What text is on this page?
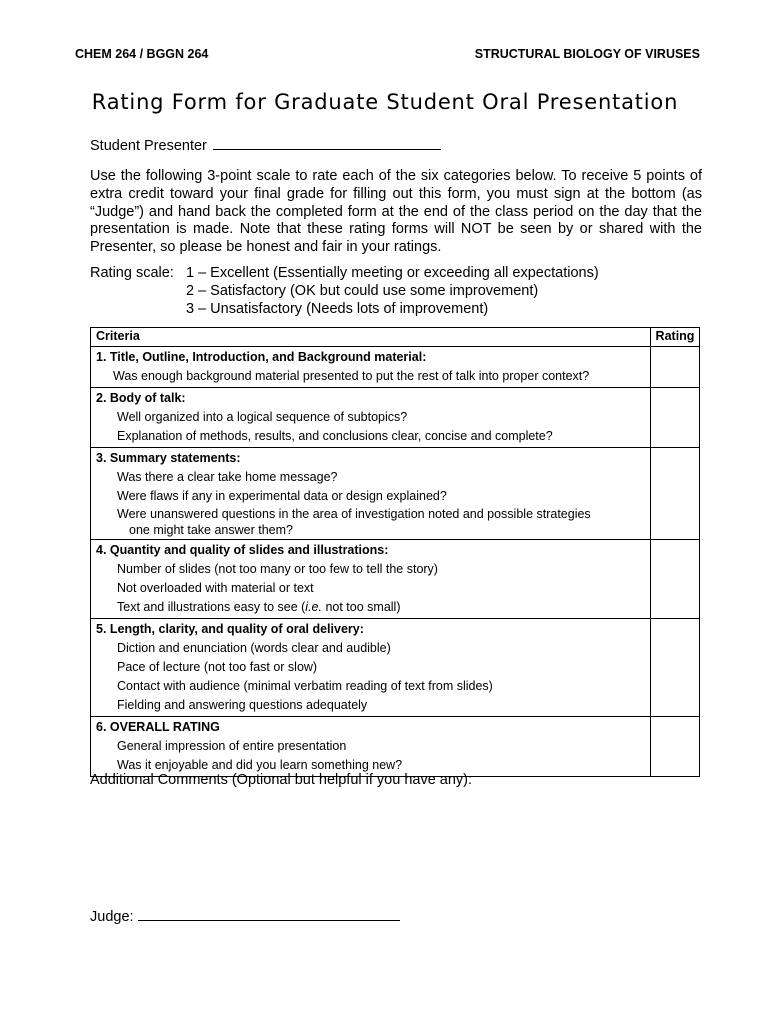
CHEM 264 / BGGN 264	STRUCTURAL BIOLOGY OF VIRUSES
Rating Form for Graduate Student Oral Presentation
Student Presenter
Use the following 3-point scale to rate each of the six categories below. To receive 5 points of extra credit toward your final grade for filling out this form, you must sign at the bottom (as “Judge”) and hand back the completed form at the end of the class period on the day that the presentation is made. Note that these rating forms will NOT be seen by or shared with the Presenter, so please be honest and fair in your ratings.
Rating scale: 1 – Excellent (Essentially meeting or exceeding all expectations)
2 – Satisfactory (OK but could use some improvement)
3 – Unsatisfactory (Needs lots of improvement)
Criteria	Rating

1. Title, Outline, Introduction, and Background material:
Was enough background material presented to put the rest of talk into proper context?	

2. Body of talk:
Well organized into a logical sequence of subtopics?
Explanation of methods, results, and conclusions clear, concise and complete?	

3. Summary statements:
Was there a clear take home message?
Were flaws if any in experimental data or design explained?
Were unanswered questions in the area of investigation noted and possible strategies
one might take answer them?	

4. Quantity and quality of slides and illustrations:
Number of slides (not too many or too few to tell the story)
Not overloaded with material or text
Text and illustrations easy to see (i.e. not too small)	

5. Length, clarity, and quality of oral delivery:
Diction and enunciation (words clear and audible)
Pace of lecture (not too fast or slow)
Contact with audience (minimal verbatim reading of text from slides)
Fielding and answering questions adequately	

6. OVERALL RATING
General impression of entire presentation
Was it enjoyable and did you learn something new?	

Additional Comments (Optional but helpful if you have any):
Judge:
